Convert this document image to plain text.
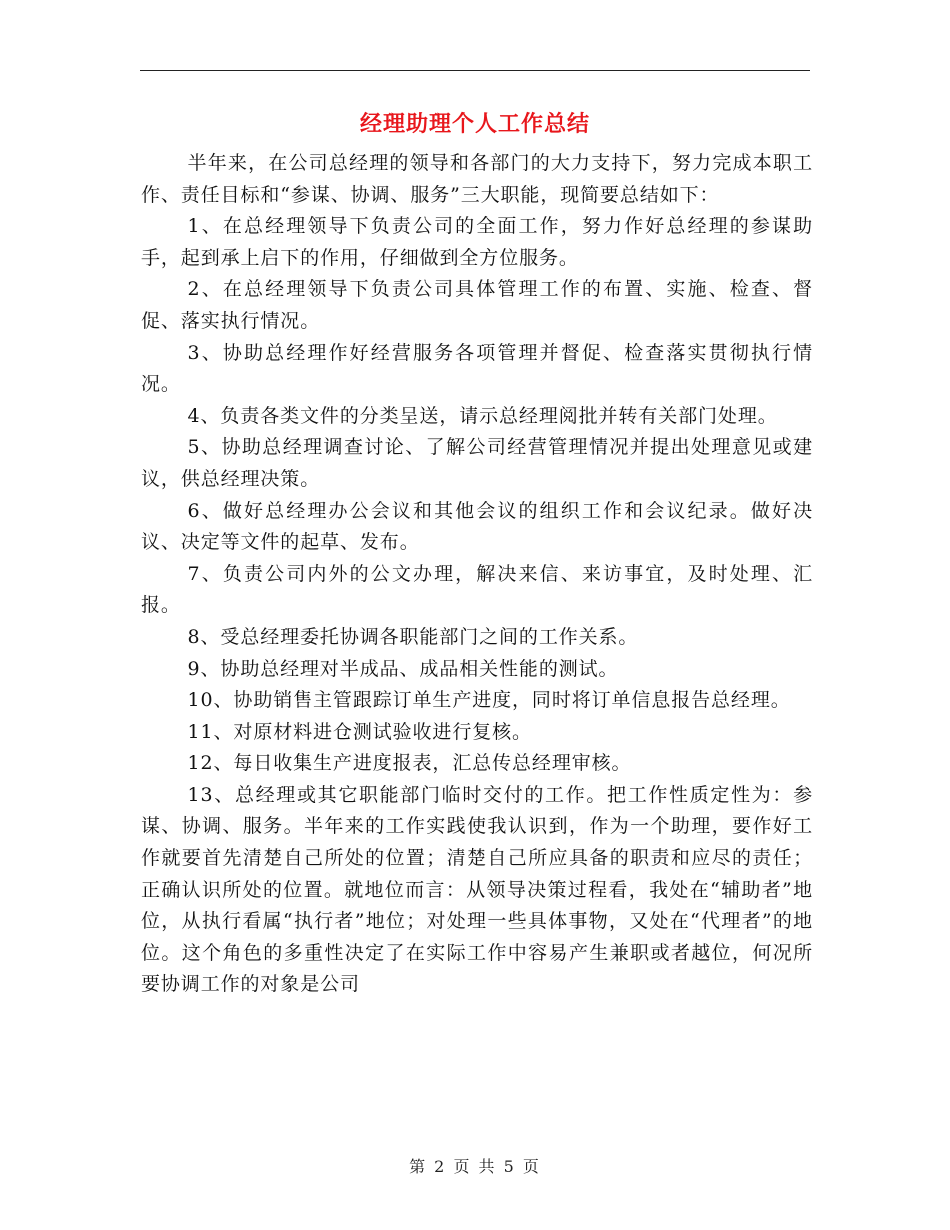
经理助理个人工作总结

半年来，在公司总经理的领导和各部门的大力支持下，努力完成本职工作、责任目标和“参谋、协调、服务”三大职能，现简要总结如下：

1、在总经理领导下负责公司的全面工作，努力作好总经理的参谋助手，起到承上启下的作用，仔细做到全方位服务。

2、在总经理领导下负责公司具体管理工作的布置、实施、检查、督促、落实执行情况。

3、协助总经理作好经营服务各项管理并督促、检查落实贯彻执行情况。

4、负责各类文件的分类呈送，请示总经理阅批并转有关部门处理。

5、协助总经理调查讨论、了解公司经营管理情况并提出处理意见或建议，供总经理决策。

6、做好总经理办公会议和其他会议的组织工作和会议纪录。做好决议、决定等文件的起草、发布。

7、负责公司内外的公文办理，解决来信、来访事宜，及时处理、汇报。

8、受总经理委托协调各职能部门之间的工作关系。

9、协助总经理对半成品、成品相关性能的测试。

10、协助销售主管跟踪订单生产进度，同时将订单信息报告总经理。

11、对原材料进仓测试验收进行复核。

12、每日收集生产进度报表，汇总传总经理审核。

13、总经理或其它职能部门临时交付的工作。把工作性质定性为：参谋、协调、服务。半年来的工作实践使我认识到，作为一个助理，要作好工作就要首先清楚自己所处的位置；清楚自己所应具备的职责和应尽的责任；正确认识所处的位置。就地位而言：从领导决策过程看，我处在“辅助者”地位，从执行看属“执行者”地位；对处理一些具体事物，又处在“代理者”的地位。这个角色的多重性决定了在实际工作中容易产生兼职或者越位，何况所要协调工作的对象是公司

第 2 页 共 5 页
